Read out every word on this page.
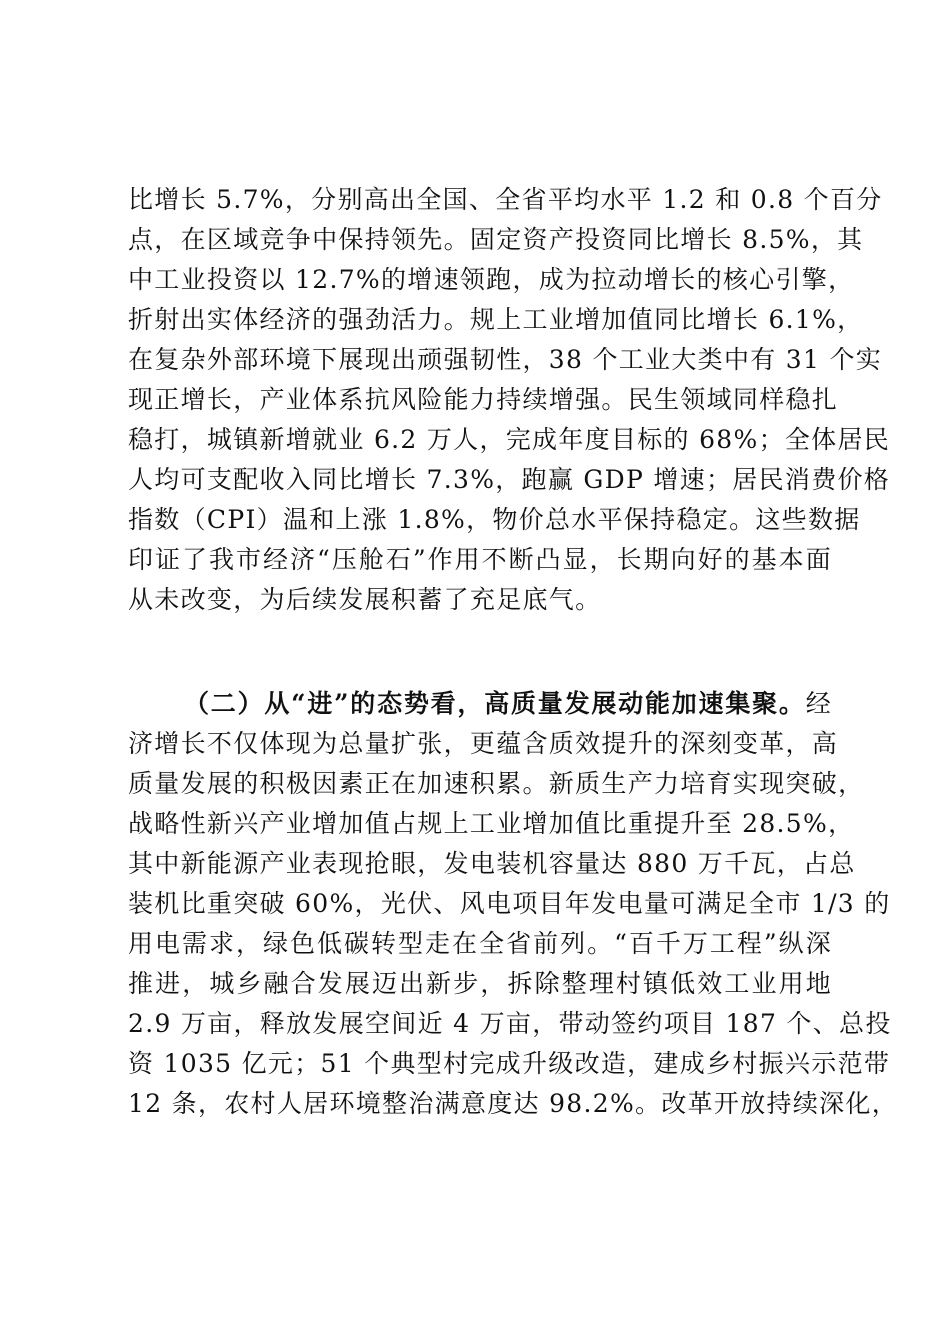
比增长 5.7%，分别高出全国、全省平均水平 1.2 和 0.8 个百分
点，在区域竞争中保持领先。固定资产投资同比增长 8.5%，其
中工业投资以 12.7%的增速领跑，成为拉动增长的核心引擎，
折射出实体经济的强劲活力。规上工业增加值同比增长 6.1%，
在复杂外部环境下展现出顽强韧性，38 个工业大类中有 31 个实
现正增长，产业体系抗风险能力持续增强。民生领域同样稳扎
稳打，城镇新增就业 6.2 万人，完成年度目标的 68%；全体居民
人均可支配收入同比增长 7.3%，跑赢 GDP 增速；居民消费价格
指数（CPI）温和上涨 1.8%，物价总水平保持稳定。这些数据
印证了我市经济“压舱石”作用不断凸显，长期向好的基本面
从未改变，为后续发展积蓄了充足底气。
（二）从“进”的态势看，高质量发展动能加速集聚。经
济增长不仅体现为总量扩张，更蕴含质效提升的深刻变革，高
质量发展的积极因素正在加速积累。新质生产力培育实现突破，
战略性新兴产业增加值占规上工业增加值比重提升至 28.5%，
其中新能源产业表现抢眼，发电装机容量达 880 万千瓦，占总
装机比重突破 60%，光伏、风电项目年发电量可满足全市 1/3 的
用电需求，绿色低碳转型走在全省前列。“百千万工程”纵深
推进，城乡融合发展迈出新步，拆除整理村镇低效工业用地
2.9 万亩，释放发展空间近 4 万亩，带动签约项目 187 个、总投
资 1035 亿元；51 个典型村完成升级改造，建成乡村振兴示范带
12 条，农村人居环境整治满意度达 98.2%。改革开放持续深化，
